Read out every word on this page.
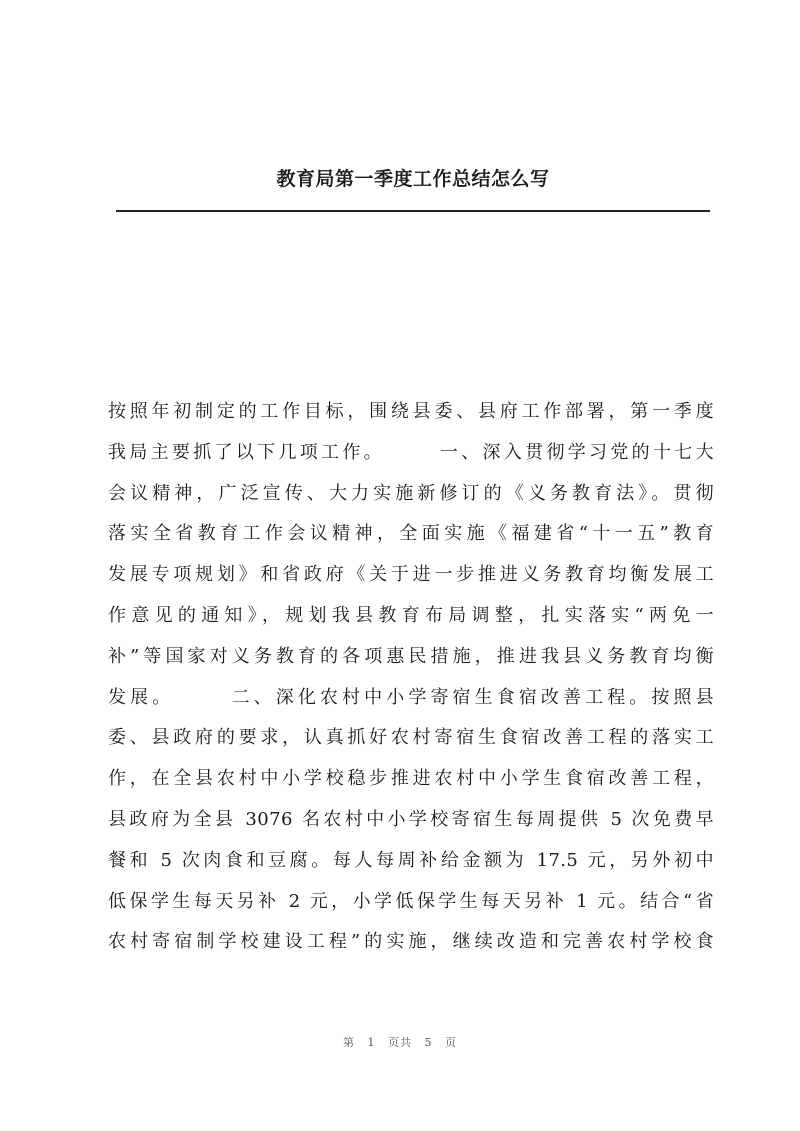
教育局第一季度工作总结怎么写
按照年初制定的工作目标，围绕县委、县府工作部署，第一季度
我局主要抓了以下几项工作。　　　一、深入贯彻学习党的十七大
会议精神，广泛宣传、大力实施新修订的《义务教育法》。贯彻
落实全省教育工作会议精神，全面实施《福建省“十一五”教育
发展专项规划》和省政府《关于进一步推进义务教育均衡发展工
作意见的通知》，规划我县教育布局调整，扎实落实“两免一
补”等国家对义务教育的各项惠民措施，推进我县义务教育均衡
发展。　　　二、深化农村中小学寄宿生食宿改善工程。按照县
委、县政府的要求，认真抓好农村寄宿生食宿改善工程的落实工
作，在全县农村中小学校稳步推进农村中小学生食宿改善工程，
县政府为全县 3076 名农村中小学校寄宿生每周提供 5 次免费早
餐和 5 次肉食和豆腐。每人每周补给金额为 17.5 元，另外初中
低保学生每天另补 2 元，小学低保学生每天另补 1 元。结合“省
农村寄宿制学校建设工程”的实施，继续改造和完善农村学校食
第 1 页共 5 页
